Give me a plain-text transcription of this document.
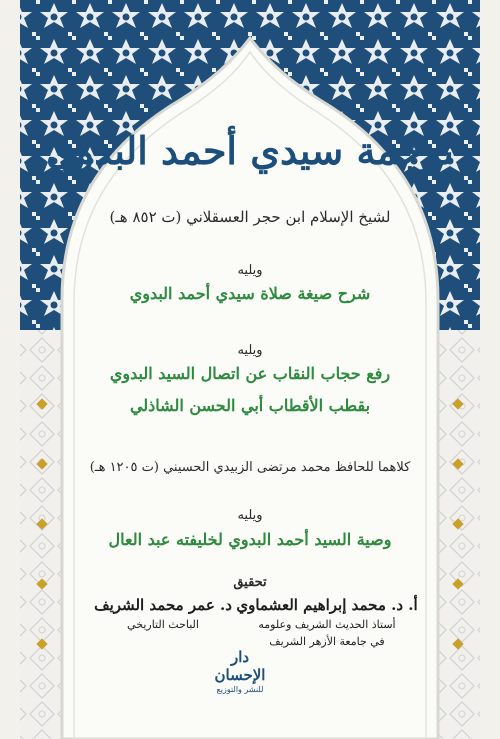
ترجمة سيدي أحمد البدوي
لشيخ الإسلام ابن حجر العسقلاني (ت ٨٥٢ هـ)
ويليه
شرح صيغة صلاة سيدي أحمد البدوي
ويليه
رفع حجاب النقاب عن اتصال السيد البدوي
بقطب الأقطاب أبي الحسن الشاذلي
كلاهما للحافظ محمد مرتضى الزبيدي الحسيني (ت ١٢٠٥ هـ)
ويليه
وصية السيد أحمد البدوي لخليفته عبد العال
تحقيق
أ. د. محمد إبراهيم العشماوي
أستاذ الحديث الشريف وعلومه
في جامعة الأزهر الشريف
د. عمر محمد الشريف
الباحث التاريخي
دار الإحسان
للنشر والتوزيع
